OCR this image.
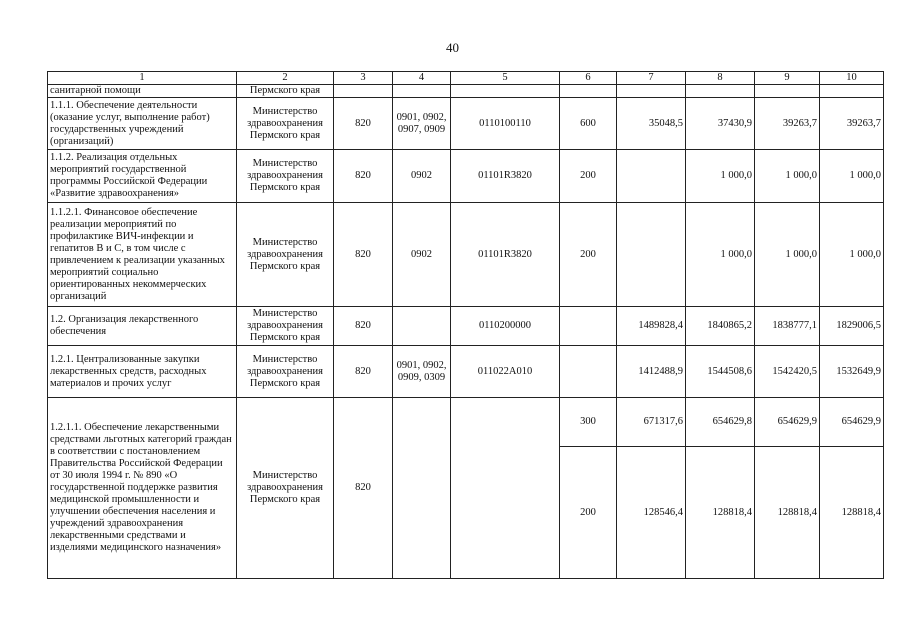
40
1	2	3	4	5	6	7	8	9	10
санитарной помощи	Пермского края								
1.1.1. Обеспечение деятельности (оказание услуг, выполнение работ) государственных учреждений (организаций)	Министерство здравоохранения Пермского края	820	0901, 0902, 0907, 0909	0110100110	600	35048,5	37430,9	39263,7	39263,7
1.1.2. Реализация отдельных мероприятий государственной программы Российской Федерации «Развитие здравоохранения»	Министерство здравоохранения Пермского края	820	0902	01101R3820	200		1 000,0	1 000,0	1 000,0
1.1.2.1. Финансовое обеспечение реализации мероприятий по профилактике ВИЧ-инфекции и гепатитов B и C, в том числе с привлечением к реализации указанных мероприятий социально ориентированных некоммерческих организаций	Министерство здравоохранения Пермского края	820	0902	01101R3820	200		1 000,0	1 000,0	1 000,0
1.2. Организация лекарственного обеспечения	Министерство здравоохранения Пермского края	820		0110200000		1489828,4	1840865,2	1838777,1	1829006,5
1.2.1. Централизованные закупки лекарственных средств, расходных материалов и прочих услуг	Министерство здравоохранения Пермского края	820	0901, 0902, 0909, 0309	011022A010		1412488,9	1544508,6	1542420,5	1532649,9
1.2.1.1. Обеспечение лекарственными средствами льготных категорий граждан в соответствии с постановлением Правительства Российской Федерации от 30 июля 1994 г. № 890 «О государственной поддержке развития медицинской промышленности и улучшении обеспечения населения и учреждений здравоохранения лекарственными средствами и изделиями медицинского назначения»	Министерство здравоохранения Пермского края	820			300	671317,6	654629,8	654629,9	654629,9
					200	128546,4	128818,4	128818,4	128818,4
